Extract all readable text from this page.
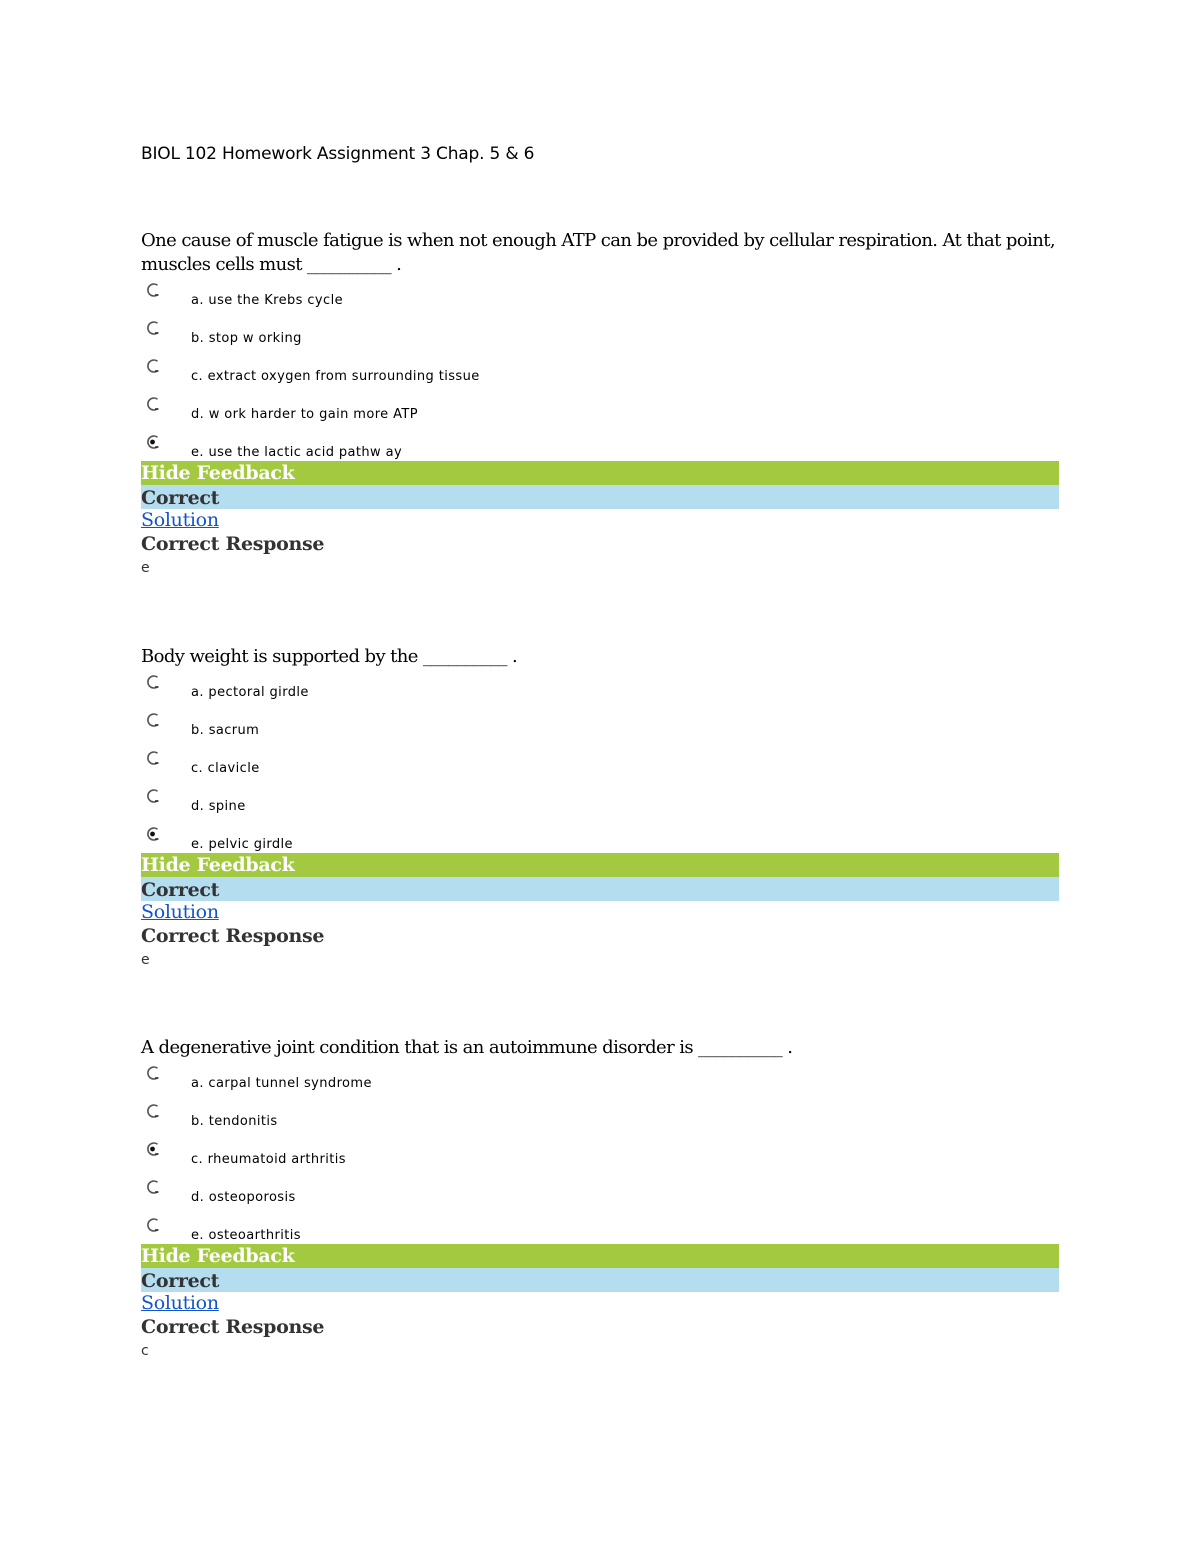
BIOL 102 Homework Assignment 3 Chap. 5 & 6

One cause of muscle fatigue is when not enough ATP can be provided by cellular respiration. At that point, muscles cells must __________ .

a. use the Krebs cycle
b. stop w orking
c. extract oxygen from surrounding tissue
d. w ork harder to gain more ATP
e. use the lactic acid pathw ay
Hide Feedback
Correct
Solution
Correct Response
e

Body weight is supported by the __________ .

a. pectoral girdle
b. sacrum
c. clavicle
d. spine
e. pelvic girdle
Hide Feedback
Correct
Solution
Correct Response
e

A degenerative joint condition that is an autoimmune disorder is __________ .

a. carpal tunnel syndrome
b. tendonitis
c. rheumatoid arthritis
d. osteoporosis
e. osteoarthritis
Hide Feedback
Correct
Solution
Correct Response
c
